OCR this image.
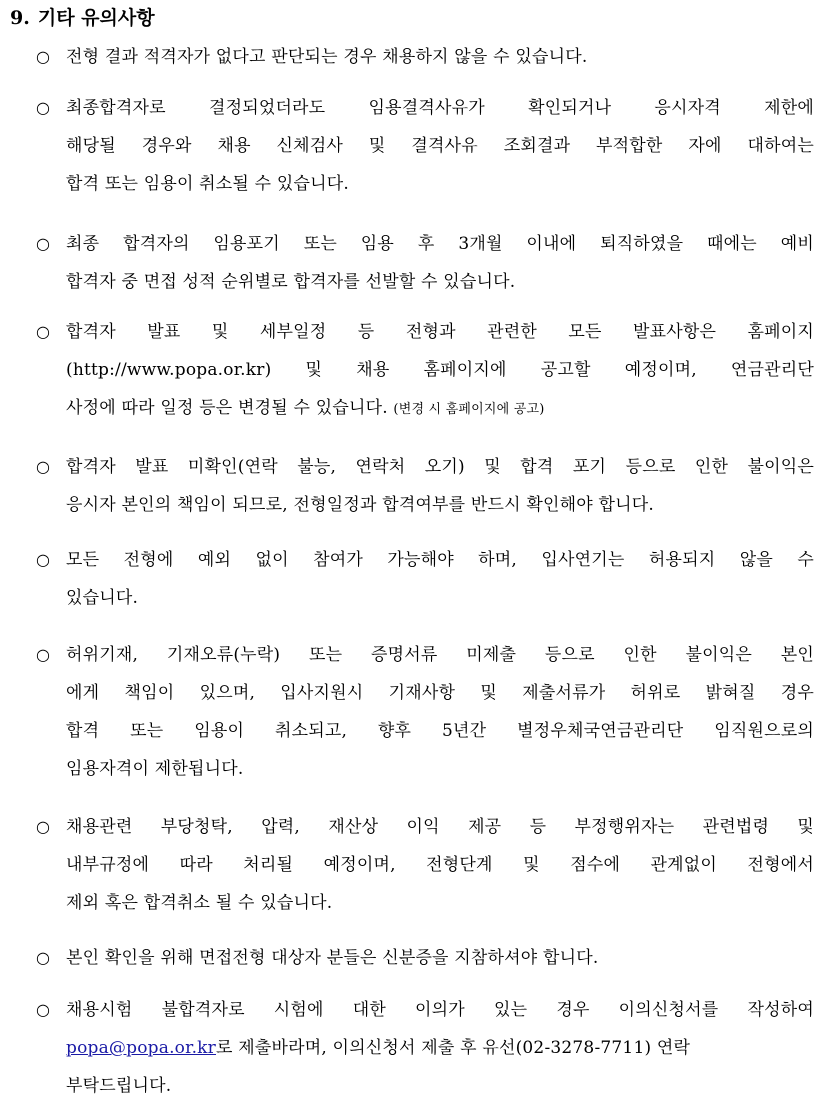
9. 기타 유의사항
○ 전형 결과 적격자가 없다고 판단되는 경우 채용하지 않을 수 있습니다.
○ 최종합격자로 결정되었더라도 임용결격사유가 확인되거나 응시자격 제한에
해당될 경우와 채용 신체검사 및 결격사유 조회결과 부적합한 자에 대하여는
합격 또는 임용이 취소될 수 있습니다.
○ 최종 합격자의 임용포기 또는 임용 후 3개월 이내에 퇴직하였을 때에는 예비
합격자 중 면접 성적 순위별로 합격자를 선발할 수 있습니다.
○ 합격자 발표 및 세부일정 등 전형과 관련한 모든 발표사항은 홈페이지
(http://www.popa.or.kr) 및 채용 홈페이지에 공고할 예정이며, 연금관리단
사정에 따라 일정 등은 변경될 수 있습니다. (변경 시 홈페이지에 공고)
○ 합격자 발표 미확인(연락 불능, 연락처 오기) 및 합격 포기 등으로 인한 불이익은
응시자 본인의 책임이 되므로, 전형일정과 합격여부를 반드시 확인해야 합니다.
○ 모든 전형에 예외 없이 참여가 가능해야 하며, 입사연기는 허용되지 않을 수
있습니다.
○ 허위기재, 기재오류(누락) 또는 증명서류 미제출 등으로 인한 불이익은 본인
에게 책임이 있으며, 입사지원시 기재사항 및 제출서류가 허위로 밝혀질 경우
합격 또는 임용이 취소되고, 향후 5년간 별정우체국연금관리단 임직원으로의
임용자격이 제한됩니다.
○ 채용관련 부당청탁, 압력, 재산상 이익 제공 등 부정행위자는 관련법령 및
내부규정에 따라 처리될 예정이며, 전형단계 및 점수에 관계없이 전형에서
제외 혹은 합격취소 될 수 있습니다.
○ 본인 확인을 위해 면접전형 대상자 분들은 신분증을 지참하셔야 합니다.
○ 채용시험 불합격자로 시험에 대한 이의가 있는 경우 이의신청서를 작성하여
popa@popa.or.kr로 제출바라며, 이의신청서 제출 후 유선(02-3278-7711) 연락
부탁드립니다.
